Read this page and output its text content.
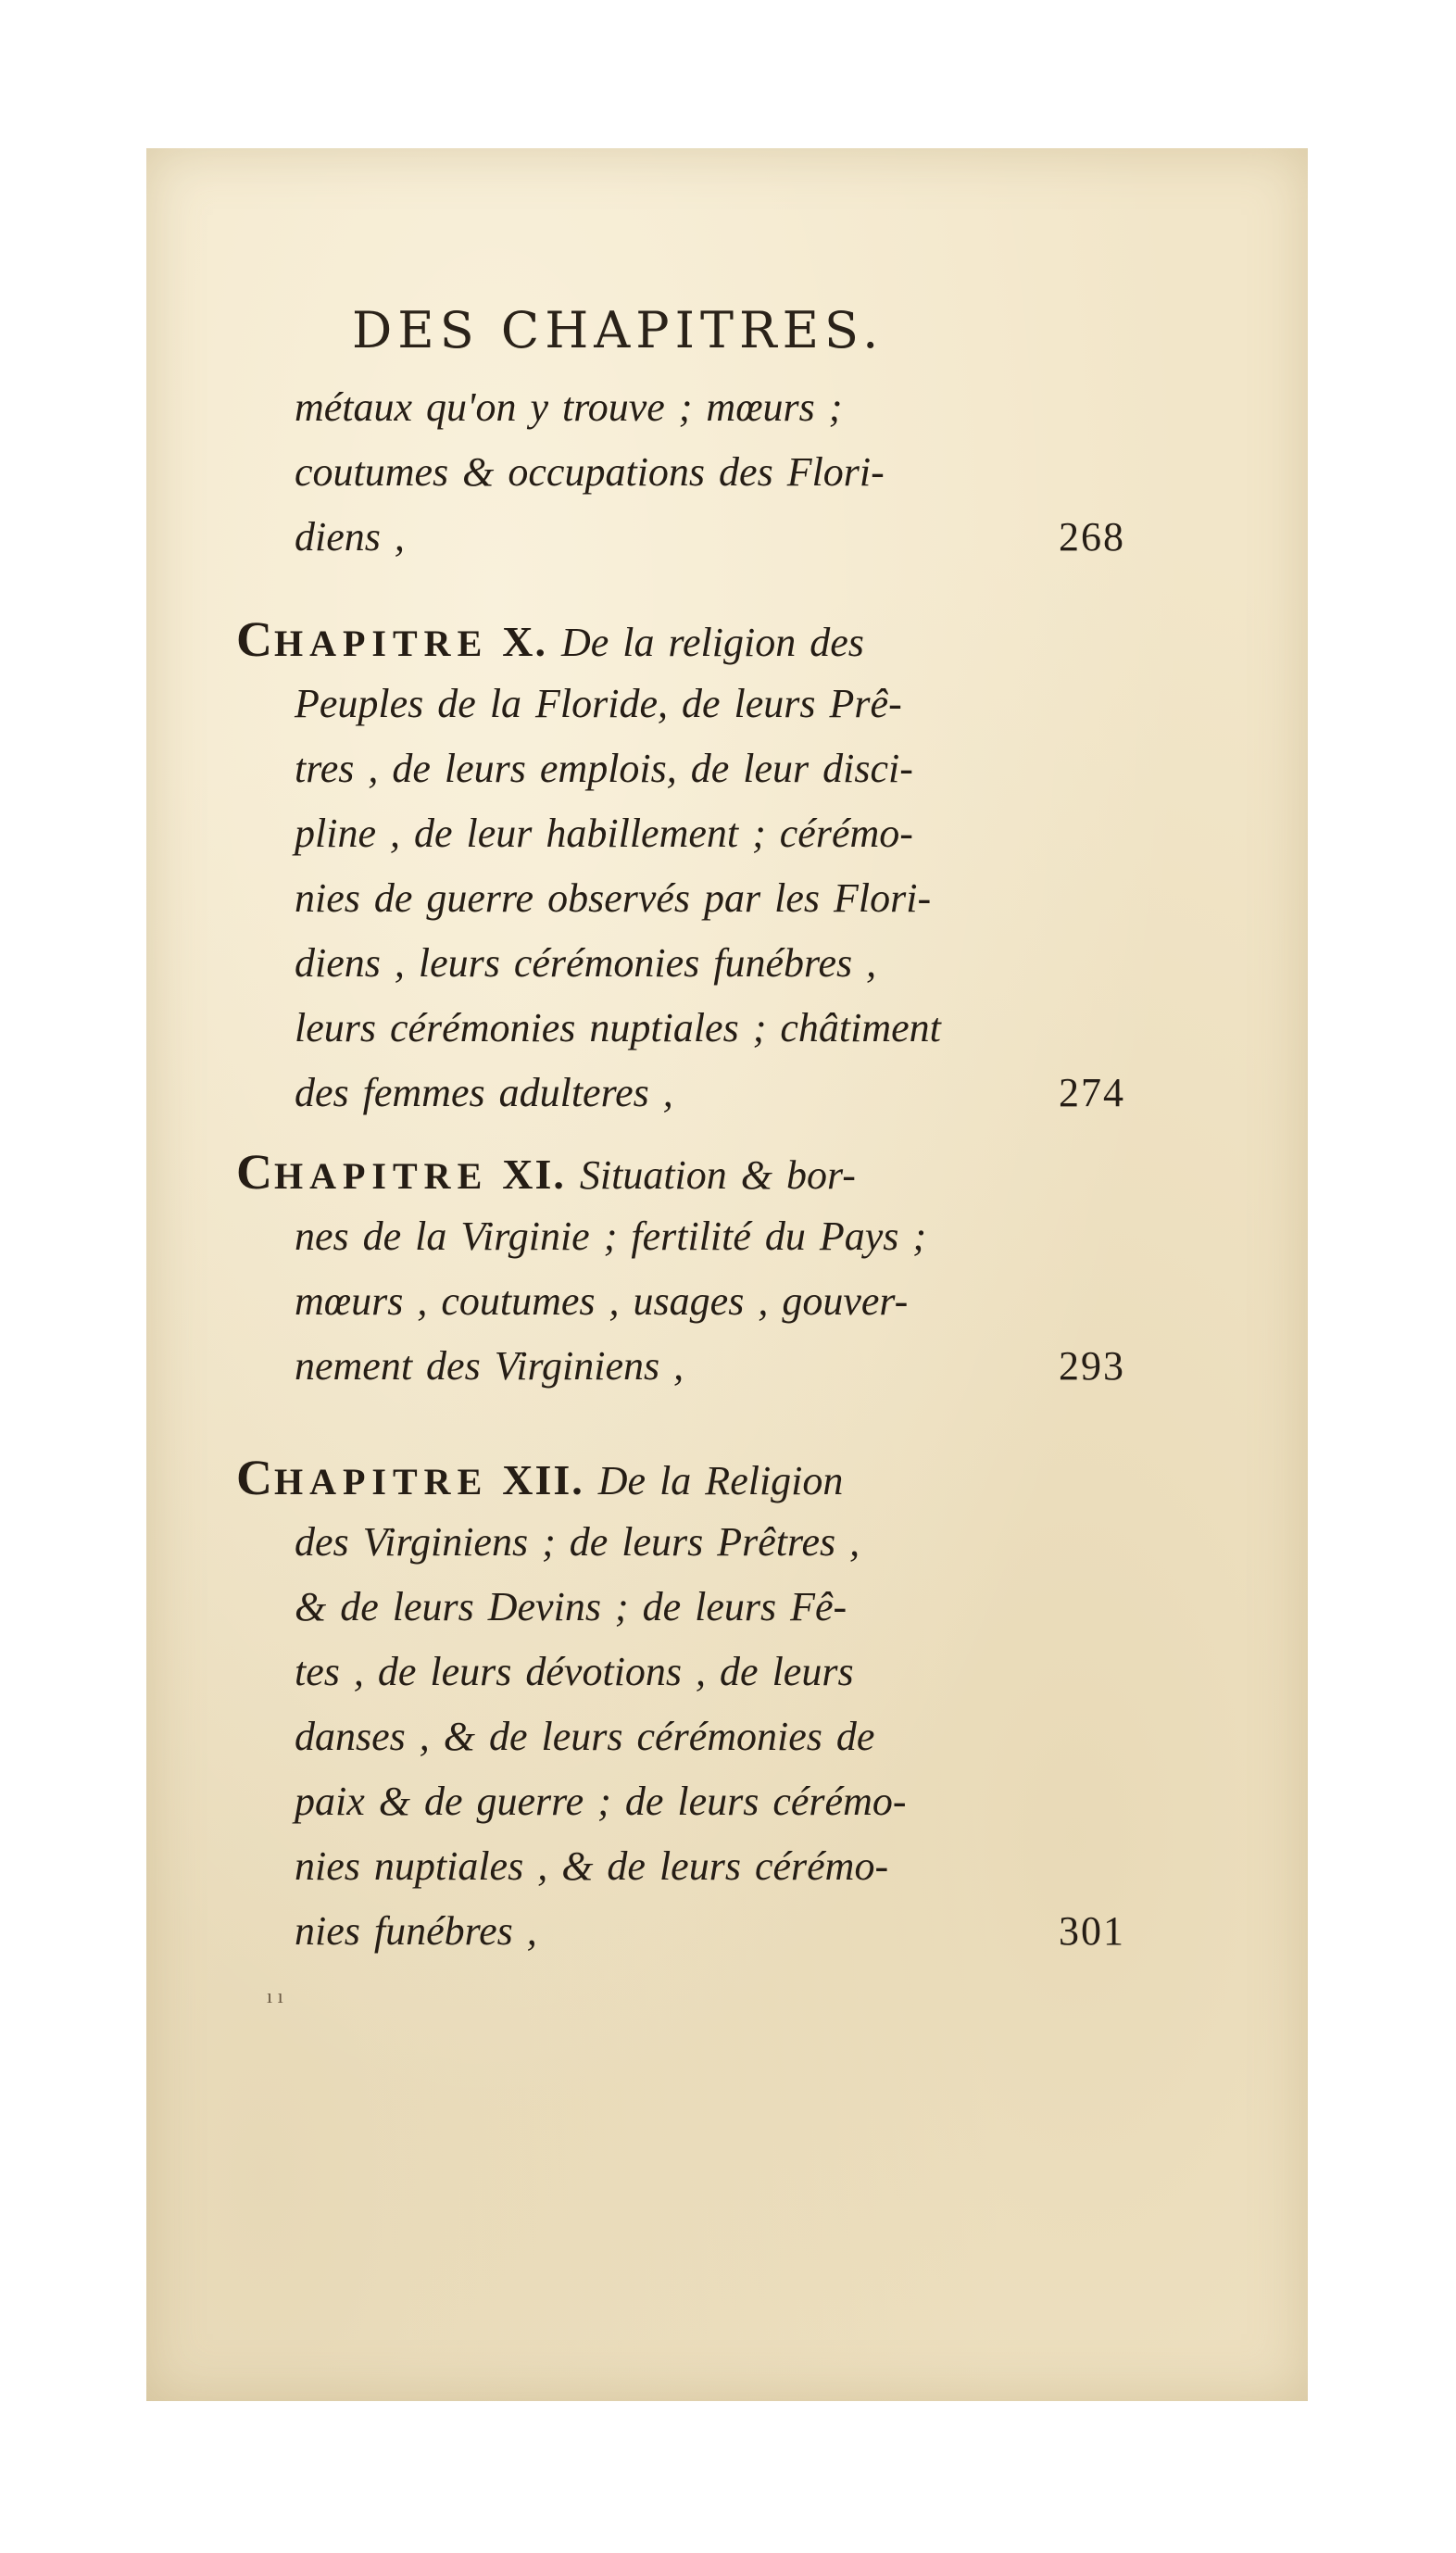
DES CHAPITRES.
métaux qu'on y trouve ; mœurs ;
coutumes & occupations des Flori-
diens ,	268
CHAPITRE X. De la religion des
Peuples de la Floride, de leurs Prê-
tres , de leurs emplois, de leur disci-
pline , de leur habillement ; cérémo-
nies de guerre observés par les Flori-
diens , leurs cérémonies funébres ,
leurs cérémonies nuptiales ; châtiment
des femmes adulteres ,	274
CHAPITRE XI. Situation & bor-
nes de la Virginie ; fertilité du Pays ;
mœurs , coutumes , usages , gouver-
nement des Virginiens ,	293
CHAPITRE XII. De la Religion
des Virginiens ; de leurs Prêtres ,
& de leurs Devins ; de leurs Fê-
tes , de leurs dévotions , de leurs
danses , & de leurs cérémonies de
paix & de guerre ; de leurs cérémo-
nies nuptiales , & de leurs cérémo-
nies funébres ,	301
ı ı
